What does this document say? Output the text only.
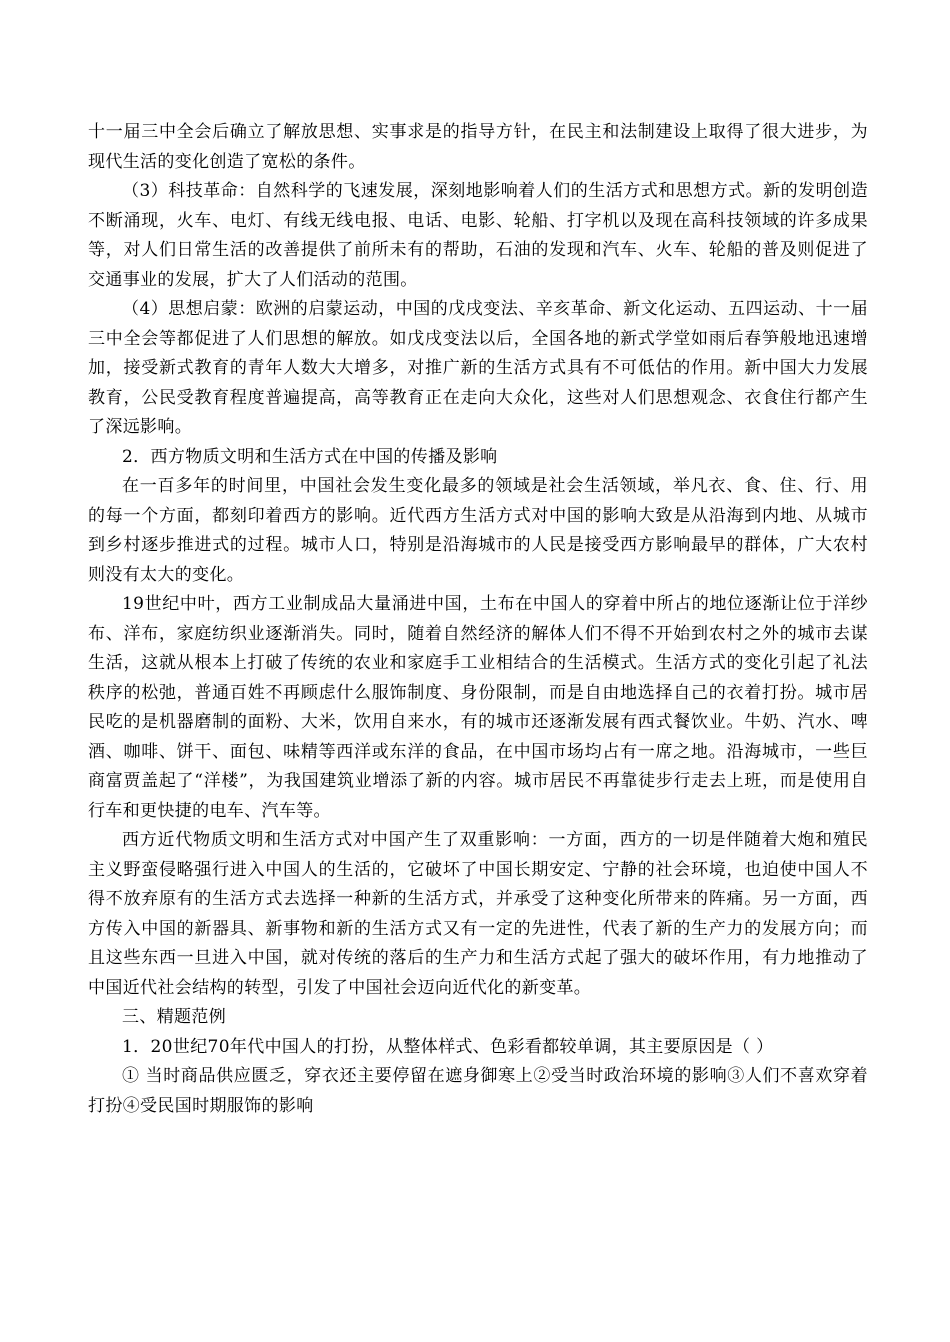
十一届三中全会后确立了解放思想、实事求是的指导方针，在民主和法制建设上取得了很大进步，为现代生活的变化创造了宽松的条件。

（3）科技革命：自然科学的飞速发展，深刻地影响着人们的生活方式和思想方式。新的发明创造不断涌现，火车、电灯、有线无线电报、电话、电影、轮船、打字机以及现在高科技领域的许多成果等，对人们日常生活的改善提供了前所未有的帮助，石油的发现和汽车、火车、轮船的普及则促进了交通事业的发展，扩大了人们活动的范围。

（4）思想启蒙：欧洲的启蒙运动，中国的戊戌变法、辛亥革命、新文化运动、五四运动、十一届三中全会等都促进了人们思想的解放。如戊戌变法以后，全国各地的新式学堂如雨后春笋般地迅速增加，接受新式教育的青年人数大大增多，对推广新的生活方式具有不可低估的作用。新中国大力发展教育，公民受教育程度普遍提高，高等教育正在走向大众化，这些对人们思想观念、衣食住行都产生了深远影响。

2．西方物质文明和生活方式在中国的传播及影响

在一百多年的时间里，中国社会发生变化最多的领域是社会生活领域，举凡衣、食、住、行、用的每一个方面，都刻印着西方的影响。近代西方生活方式对中国的影响大致是从沿海到内地、从城市到乡村逐步推进式的过程。城市人口，特别是沿海城市的人民是接受西方影响最早的群体，广大农村则没有太大的变化。

19世纪中叶，西方工业制成品大量涌进中国，土布在中国人的穿着中所占的地位逐渐让位于洋纱布、洋布，家庭纺织业逐渐消失。同时，随着自然经济的解体人们不得不开始到农村之外的城市去谋生活，这就从根本上打破了传统的农业和家庭手工业相结合的生活模式。生活方式的变化引起了礼法秩序的松弛，普通百姓不再顾虑什么服饰制度、身份限制，而是自由地选择自己的衣着打扮。城市居民吃的是机器磨制的面粉、大米，饮用自来水，有的城市还逐渐发展有西式餐饮业。牛奶、汽水、啤酒、咖啡、饼干、面包、味精等西洋或东洋的食品，在中国市场均占有一席之地。沿海城市，一些巨商富贾盖起了“洋楼”，为我国建筑业增添了新的内容。城市居民不再靠徒步行走去上班，而是使用自行车和更快捷的电车、汽车等。

西方近代物质文明和生活方式对中国产生了双重影响：一方面，西方的一切是伴随着大炮和殖民主义野蛮侵略强行进入中国人的生活的，它破坏了中国长期安定、宁静的社会环境，也迫使中国人不得不放弃原有的生活方式去选择一种新的生活方式，并承受了这种变化所带来的阵痛。另一方面，西方传入中国的新器具、新事物和新的生活方式又有一定的先进性，代表了新的生产力的发展方向；而且这些东西一旦进入中国，就对传统的落后的生产力和生活方式起了强大的破坏作用，有力地推动了中国近代社会结构的转型，引发了中国社会迈向近代化的新变革。

三、精题范例

1．20世纪70年代中国人的打扮，从整体样式、色彩看都较单调，其主要原因是（ ）

① 当时商品供应匮乏，穿衣还主要停留在遮身御寒上②受当时政治环境的影响③人们不喜欢穿着打扮④受民国时期服饰的影响
